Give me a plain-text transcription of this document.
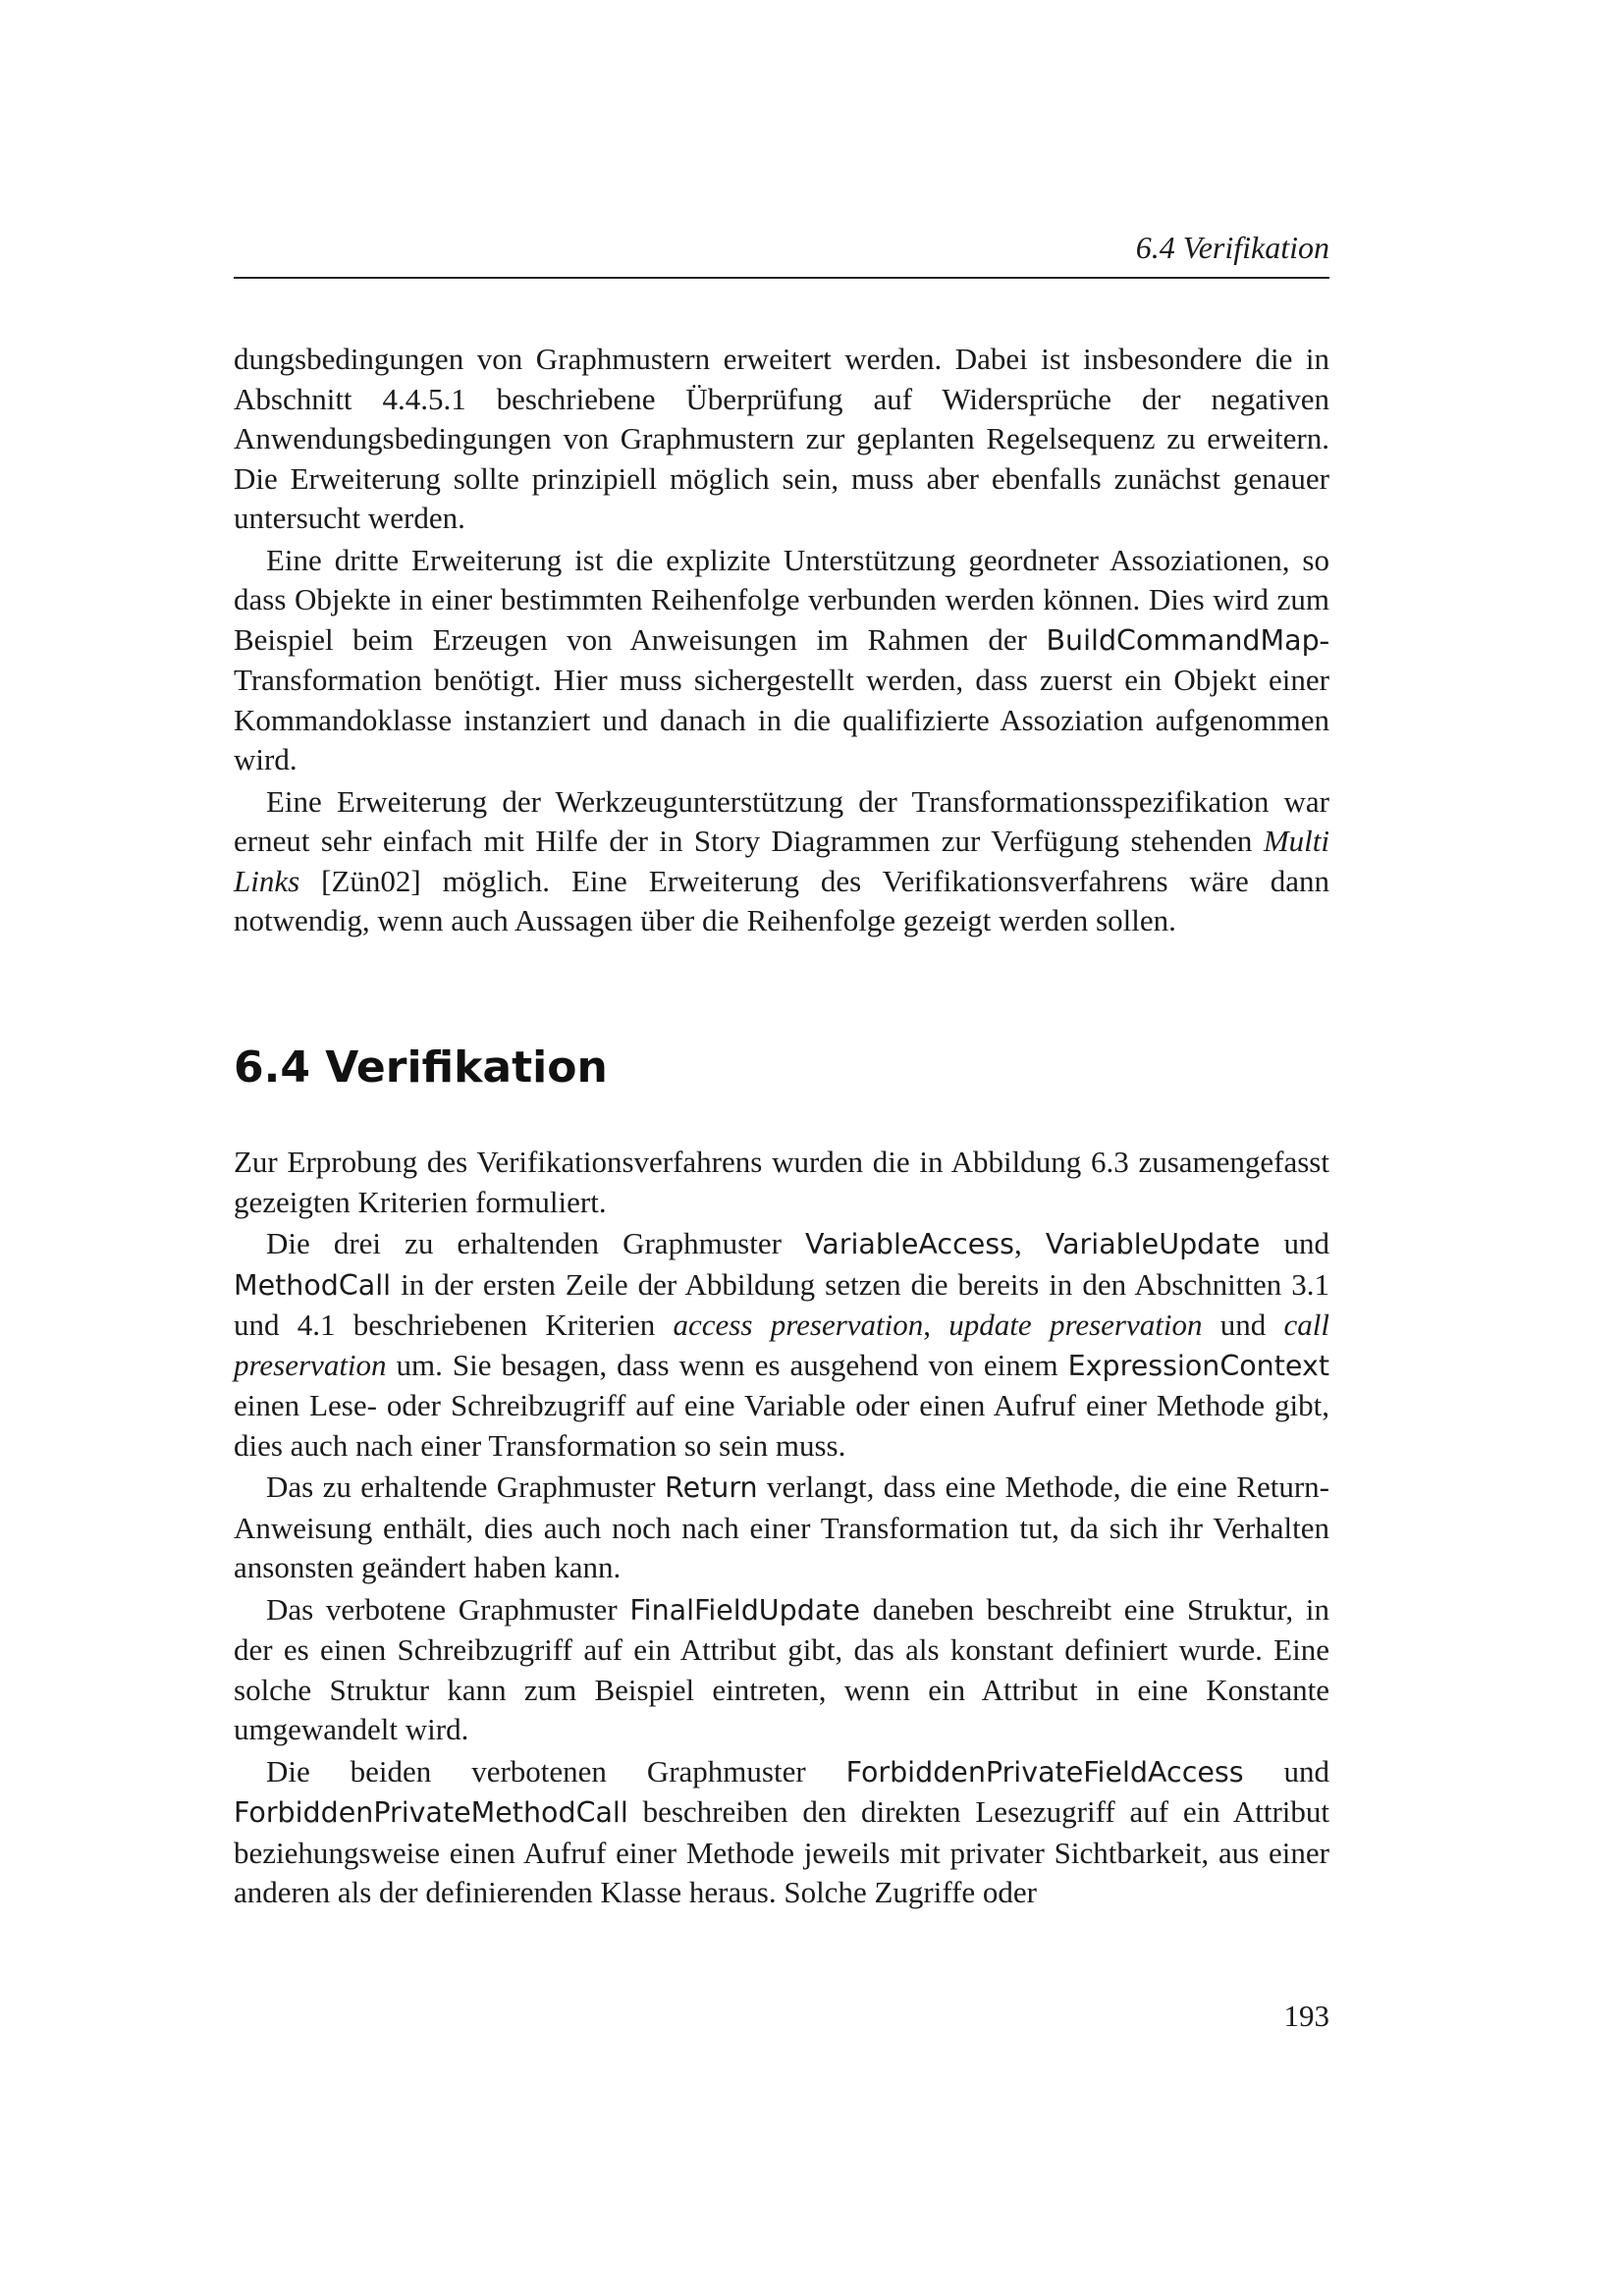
6.4 Verifikation

dungsbedingungen von Graphmustern erweitert werden. Dabei ist insbesondere die in Abschnitt 4.4.5.1 beschriebene Überprüfung auf Widersprüche der negativen Anwendungsbedingungen von Graphmustern zur geplanten Regelsequenz zu erweitern. Die Erweiterung sollte prinzipiell möglich sein, muss aber ebenfalls zunächst genauer untersucht werden.

Eine dritte Erweiterung ist die explizite Unterstützung geordneter Assoziationen, so dass Objekte in einer bestimmten Reihenfolge verbunden werden können. Dies wird zum Beispiel beim Erzeugen von Anweisungen im Rahmen der BuildCommandMap-Transformation benötigt. Hier muss sichergestellt werden, dass zuerst ein Objekt einer Kommandoklasse instanziert und danach in die qualifizierte Assoziation aufgenommen wird.

Eine Erweiterung der Werkzeugunterstützung der Transformationsspezifikation war erneut sehr einfach mit Hilfe der in Story Diagrammen zur Verfügung stehenden Multi Links [Zün02] möglich. Eine Erweiterung des Verifikationsverfahrens wäre dann notwendig, wenn auch Aussagen über die Reihenfolge gezeigt werden sollen.

6.4 Verifikation

Zur Erprobung des Verifikationsverfahrens wurden die in Abbildung 6.3 zusamengefasst gezeigten Kriterien formuliert.

Die drei zu erhaltenden Graphmuster VariableAccess, VariableUpdate und MethodCall in der ersten Zeile der Abbildung setzen die bereits in den Abschnitten 3.1 und 4.1 beschriebenen Kriterien access preservation, update preservation und call preservation um. Sie besagen, dass wenn es ausgehend von einem ExpressionContext einen Lese- oder Schreibzugriff auf eine Variable oder einen Aufruf einer Methode gibt, dies auch nach einer Transformation so sein muss.

Das zu erhaltende Graphmuster Return verlangt, dass eine Methode, die eine Return-Anweisung enthält, dies auch noch nach einer Transformation tut, da sich ihr Verhalten ansonsten geändert haben kann.

Das verbotene Graphmuster FinalFieldUpdate daneben beschreibt eine Struktur, in der es einen Schreibzugriff auf ein Attribut gibt, das als konstant definiert wurde. Eine solche Struktur kann zum Beispiel eintreten, wenn ein Attribut in eine Konstante umgewandelt wird.

Die beiden verbotenen Graphmuster ForbiddenPrivateFieldAccess und ForbiddenPrivateMethodCall beschreiben den direkten Lesezugriff auf ein Attribut beziehungsweise einen Aufruf einer Methode jeweils mit privater Sichtbarkeit, aus einer anderen als der definierenden Klasse heraus. Solche Zugriffe oder

193
